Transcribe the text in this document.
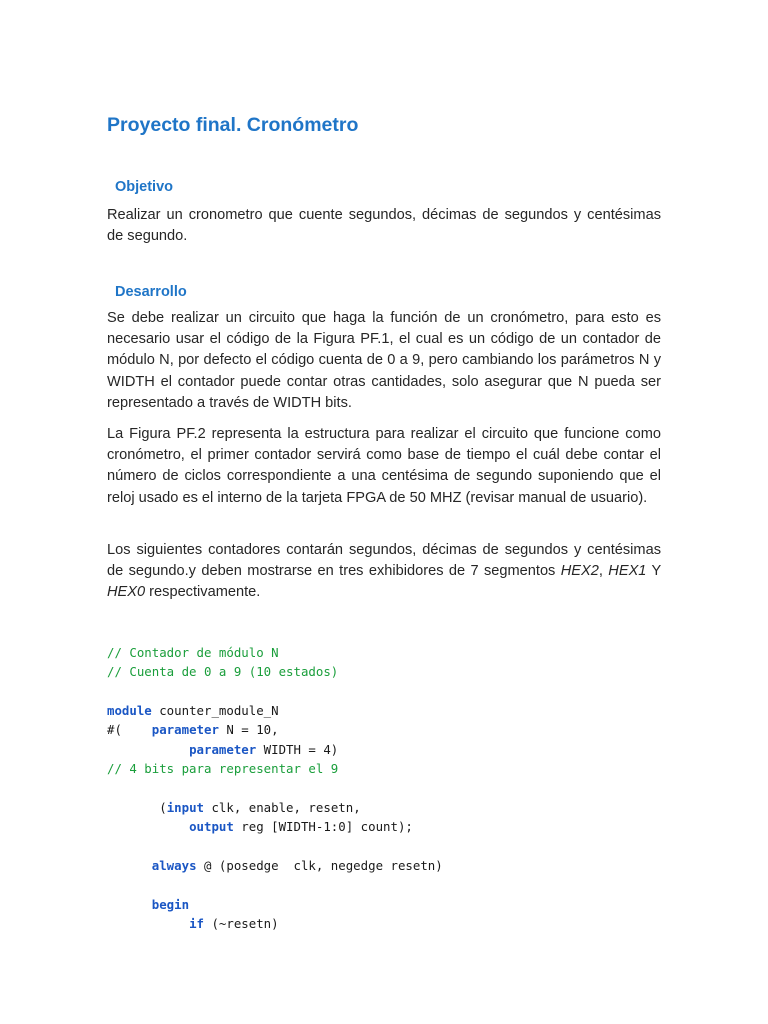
Proyecto final. Cronómetro
Objetivo

Realizar un cronometro que cuente segundos, décimas de segundos y centésimas de segundo.

Desarrollo

Se debe realizar un circuito que haga la función de un cronómetro, para esto es necesario usar el código de la Figura PF.1, el cual es un código de un contador de módulo N, por defecto el código cuenta de 0 a 9, pero cambiando los parámetros N y WIDTH el contador puede contar otras cantidades, solo asegurar que N pueda ser representado a través de WIDTH bits.

La Figura PF.2 representa la estructura para realizar el circuito que funcione como cronómetro, el primer contador servirá como base de tiempo el cuál debe contar el número de ciclos correspondiente a una centésima de segundo suponiendo que el reloj usado es el interno de la tarjeta FPGA de 50 MHZ (revisar manual de usuario).

Los siguientes contadores contarán segundos, décimas de segundos y centésimas de segundo.y deben mostrarse en tres exhibidores de 7 segmentos HEX2, HEX1 Y HEX0 respectivamente.

// Contador de módulo N
// Cuenta de 0 a 9 (10 estados)
module counter_module_N
#(    parameter N = 10,
parameter WIDTH = 4)
// 4 bits para representar el 9
(input clk, enable, resetn,
output reg [WIDTH-1:0] count);
always @ (posedge  clk, negedge resetn)
begin
if (~resetn)
